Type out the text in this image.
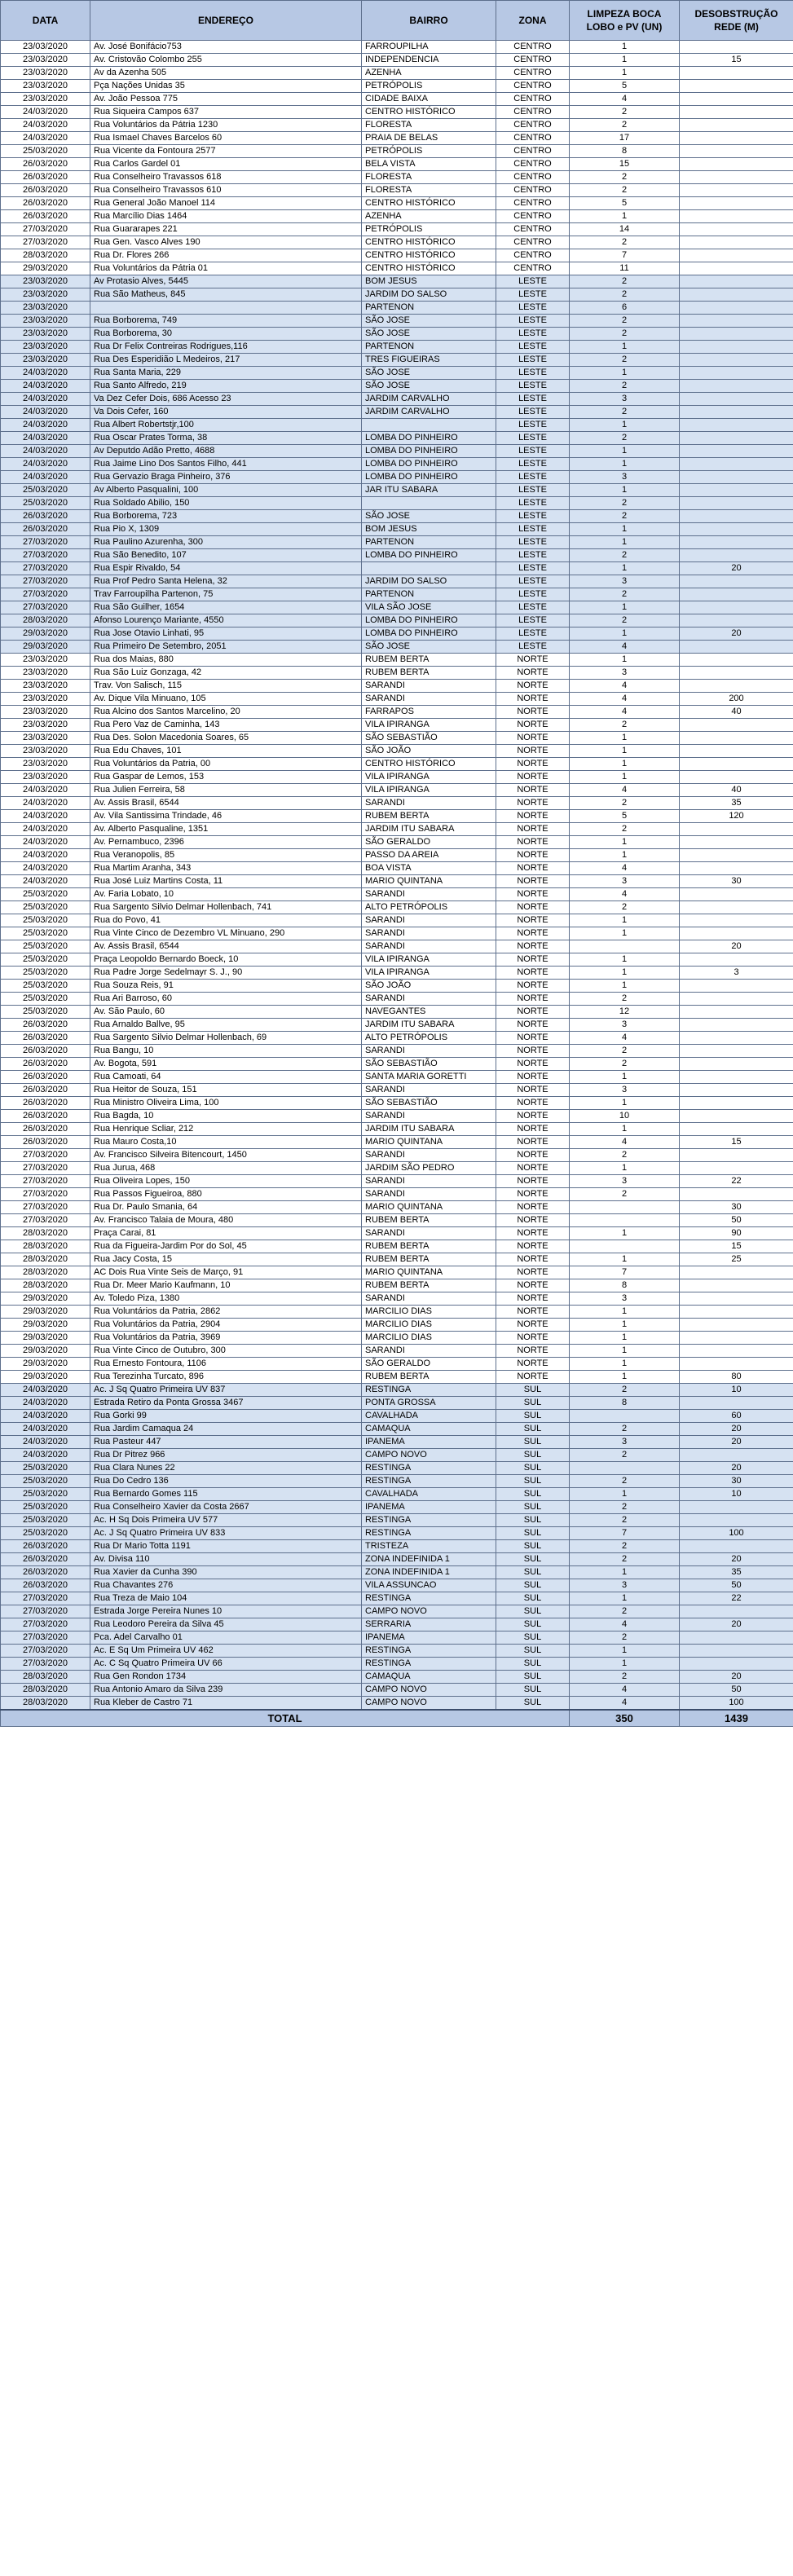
DATA	ENDEREÇO	BAIRRO	ZONA	LIMPEZA BOCA LOBO e PV (UN)	DESOBSTRUÇÃO REDE (M)
23/03/2020	Av. José Bonifácio753	FARROUPILHA	CENTRO	1	
23/03/2020	Av. Cristovão Colombo 255	INDEPENDENCIA	CENTRO	1	15
23/03/2020	Av da Azenha 505	AZENHA	CENTRO	1	
23/03/2020	Pça Nações Unidas 35	PETRÓPOLIS	CENTRO	5	
23/03/2020	Av. João Pessoa 775	CIDADE BAIXA	CENTRO	4	
24/03/2020	Rua Siqueira Campos 637	CENTRO HISTÓRICO	CENTRO	2	
24/03/2020	Rua Voluntários da Pátria 1230	FLORESTA	CENTRO	2	
24/03/2020	Rua Ismael Chaves Barcelos 60	PRAIA DE BELAS	CENTRO	17	
25/03/2020	Rua Vicente da Fontoura 2577	PETRÓPOLIS	CENTRO	8	
26/03/2020	Rua Carlos Gardel 01	BELA VISTA	CENTRO	15	
26/03/2020	Rua Conselheiro Travassos 618	FLORESTA	CENTRO	2	
26/03/2020	Rua Conselheiro Travassos 610	FLORESTA	CENTRO	2	
26/03/2020	Rua General João Manoel 114	CENTRO HISTÓRICO	CENTRO	5	
26/03/2020	Rua Marcílio Dias 1464	AZENHA	CENTRO	1	
27/03/2020	Rua Guararapes 221	PETRÓPOLIS	CENTRO	14	
27/03/2020	Rua Gen. Vasco Alves 190	CENTRO HISTÓRICO	CENTRO	2	
28/03/2020	Rua Dr. Flores 266	CENTRO HISTÓRICO	CENTRO	7	
29/03/2020	Rua Voluntários da Pátria 01	CENTRO HISTÓRICO	CENTRO	11	
23/03/2020	Av Protasio Alves, 5445	BOM JESUS	LESTE	2	
23/03/2020	Rua São Matheus, 845	JARDIM DO SALSO	LESTE	2	
23/03/2020		PARTENON	LESTE	6	
23/03/2020	Rua Borborema, 749	SÃO JOSE	LESTE	2	
23/03/2020	Rua Borborema, 30	SÃO JOSE	LESTE	2	
23/03/2020	Rua Dr Felix Contreiras Rodrigues,116	PARTENON	LESTE	1	
23/03/2020	Rua Des Esperidião L Medeiros, 217	TRES FIGUEIRAS	LESTE	2	
24/03/2020	Rua Santa Maria, 229	SÃO JOSE	LESTE	1	
24/03/2020	Rua Santo Alfredo, 219	SÃO JOSE	LESTE	2	
24/03/2020	Va Dez Cefer Dois, 686 Acesso 23	JARDIM CARVALHO	LESTE	3	
24/03/2020	Va Dois Cefer, 160	JARDIM CARVALHO	LESTE	2	
24/03/2020	Rua Albert Robertstjr,100		LESTE	1	
24/03/2020	Rua Oscar Prates Torma, 38	LOMBA DO PINHEIRO	LESTE	2	
24/03/2020	Av Deputdo Adão Pretto, 4688	LOMBA DO PINHEIRO	LESTE	1	
24/03/2020	Rua Jaime Lino Dos Santos Filho, 441	LOMBA DO PINHEIRO	LESTE	1	
24/03/2020	Rua Gervazio Braga Pinheiro, 376	LOMBA DO PINHEIRO	LESTE	3	
25/03/2020	Av Alberto Pasqualini, 100	JAR ITU SABARA	LESTE	1	
25/03/2020	Rua Soldado Abilio, 150		LESTE	2	
26/03/2020	Rua Borborema, 723	SÃO JOSE	LESTE	2	
26/03/2020	Rua Pio X, 1309	BOM JESUS	LESTE	1	
27/03/2020	Rua Paulino Azurenha, 300	PARTENON	LESTE	1	
27/03/2020	Rua São Benedito, 107	LOMBA DO PINHEIRO	LESTE	2	
27/03/2020	Rua Espir Rivaldo, 54		LESTE	1	20
27/03/2020	Rua Prof Pedro Santa Helena, 32	JARDIM DO SALSO	LESTE	3	
27/03/2020	Trav Farroupilha Partenon, 75	PARTENON	LESTE	2	
27/03/2020	Rua São Guilher, 1654	VILA SÃO JOSE	LESTE	1	
28/03/2020	Afonso Lourenço Mariante, 4550	LOMBA DO PINHEIRO	LESTE	2	
29/03/2020	Rua Jose Otavio Linhati, 95	LOMBA DO PINHEIRO	LESTE	1	20
29/03/2020	Rua Primeiro De Setembro, 2051	SÃO JOSE	LESTE	4	
23/03/2020	Rua dos Maias, 880	RUBEM BERTA	NORTE	1	
23/03/2020	Rua São Luiz Gonzaga, 42	RUBEM BERTA	NORTE	3	
23/03/2020	Trav. Von Salisch, 115	SARANDI	NORTE	4	
23/03/2020	Av. Dique Vila Minuano, 105	SARANDI	NORTE	4	200
23/03/2020	Rua Alcino dos Santos Marcelino, 20	FARRAPOS	NORTE	4	40
23/03/2020	Rua Pero Vaz de Caminha, 143	VILA IPIRANGA	NORTE	2	
23/03/2020	Rua Des. Solon Macedonia Soares, 65	SÃO SEBASTIÃO	NORTE	1	
23/03/2020	Rua Edu Chaves, 101	SÃO JOÃO	NORTE	1	
23/03/2020	Rua Voluntários da Patria, 00	CENTRO HISTÓRICO	NORTE	1	
23/03/2020	Rua Gaspar de Lemos, 153	VILA IPIRANGA	NORTE	1	
24/03/2020	Rua Julien Ferreira, 58	VILA IPIRANGA	NORTE	4	40
24/03/2020	Av. Assis Brasil, 6544	SARANDI	NORTE	2	35
24/03/2020	Av. Vila Santissima Trindade, 46	RUBEM BERTA	NORTE	5	120
24/03/2020	Av. Alberto Pasqualine, 1351	JARDIM ITU SABARA	NORTE	2	
24/03/2020	Av. Pernambuco, 2396	SÃO GERALDO	NORTE	1	
24/03/2020	Rua Veranopolis, 85	PASSO DA AREIA	NORTE	1	
24/03/2020	Rua Martim Aranha, 343	BOA VISTA	NORTE	4	
24/03/2020	Rua José Luiz Martins Costa, 11	MARIO QUINTANA	NORTE	3	30
25/03/2020	Av. Faria Lobato, 10	SARANDI	NORTE	4	
25/03/2020	Rua Sargento Silvio Delmar Hollenbach, 741	ALTO PETRÓPOLIS	NORTE	2	
25/03/2020	Rua do Povo, 41	SARANDI	NORTE	1	
25/03/2020	Rua Vinte Cinco de Dezembro VL Minuano, 290	SARANDI	NORTE	1	
25/03/2020	Av. Assis Brasil, 6544	SARANDI	NORTE		20
25/03/2020	Praça Leopoldo Bernardo Boeck, 10	VILA IPIRANGA	NORTE	1	
25/03/2020	Rua Padre Jorge Sedelmayr S. J., 90	VILA IPIRANGA	NORTE	1	3
25/03/2020	Rua Souza Reis, 91	SÃO JOÃO	NORTE	1	
25/03/2020	Rua Ari Barroso, 60	SARANDI	NORTE	2	
25/03/2020	Av. São Paulo, 60	NAVEGANTES	NORTE	12	
26/03/2020	Rua Arnaldo Ballve, 95	JARDIM ITU SABARA	NORTE	3	
26/03/2020	Rua Sargento Silvio Delmar Hollenbach, 69	ALTO PETRÓPOLIS	NORTE	4	
26/03/2020	Rua Bangu, 10	SARANDI	NORTE	2	
26/03/2020	Av. Bogota, 591	SÃO SEBASTIÃO	NORTE	2	
26/03/2020	Rua Camoati, 64	SANTA MARIA GORETTI	NORTE	1	
26/03/2020	Rua Heitor de Souza, 151	SARANDI	NORTE	3	
26/03/2020	Rua Ministro Oliveira Lima, 100	SÃO SEBASTIÃO	NORTE	1	
26/03/2020	Rua Bagda, 10	SARANDI	NORTE	10	
26/03/2020	Rua Henrique Scliar, 212	JARDIM ITU SABARA	NORTE	1	
26/03/2020	Rua Mauro Costa,10	MARIO QUINTANA	NORTE	4	15
27/03/2020	Av. Francisco Silveira Bitencourt, 1450	SARANDI	NORTE	2	
27/03/2020	Rua Jurua, 468	JARDIM SÃO PEDRO	NORTE	1	
27/03/2020	Rua Oliveira Lopes, 150	SARANDI	NORTE	3	22
27/03/2020	Rua Passos Figueiroa, 880	SARANDI	NORTE	2	
27/03/2020	Rua Dr. Paulo Smania, 64	MARIO QUINTANA	NORTE		30
27/03/2020	Av. Francisco Talaia de Moura, 480	RUBEM BERTA	NORTE		50
28/03/2020	Praça Carai, 81	SARANDI	NORTE	1	90
28/03/2020	Rua da Figueira-Jardim Por do Sol, 45	RUBEM BERTA	NORTE		15
28/03/2020	Rua Jacy Costa, 15	RUBEM BERTA	NORTE	1	25
28/03/2020	AC Dois Rua Vinte Seis de Março, 91	MARIO QUINTANA	NORTE	7	
28/03/2020	Rua Dr. Meer Mario Kaufmann, 10	RUBEM BERTA	NORTE	8	
29/03/2020	Av. Toledo Piza, 1380	SARANDI	NORTE	3	
29/03/2020	Rua Voluntários da Patria, 2862	MARCILIO DIAS	NORTE	1	
29/03/2020	Rua Voluntários da Patria, 2904	MARCILIO DIAS	NORTE	1	
29/03/2020	Rua Voluntários da Patria, 3969	MARCILIO DIAS	NORTE	1	
29/03/2020	Rua Vinte Cinco de Outubro, 300	SARANDI	NORTE	1	
29/03/2020	Rua Ernesto Fontoura, 1106	SÃO GERALDO	NORTE	1	
29/03/2020	Rua Terezinha Turcato, 896	RUBEM BERTA	NORTE	1	80
24/03/2020	Ac. J Sq Quatro Primeira UV 837	RESTINGA	SUL	2	10
24/03/2020	Estrada Retiro da Ponta Grossa 3467	PONTA GROSSA	SUL	8	
24/03/2020	Rua Gorki 99	CAVALHADA	SUL		60
24/03/2020	Rua Jardim Camaqua 24	CAMAQUA	SUL	2	20
24/03/2020	Rua Pasteur 447	IPANEMA	SUL	3	20
24/03/2020	Rua Dr Pitrez 966	CAMPO NOVO	SUL	2	
25/03/2020	Rua Clara Nunes 22	RESTINGA	SUL		20
25/03/2020	Rua Do Cedro 136	RESTINGA	SUL	2	30
25/03/2020	Rua Bernardo Gomes 115	CAVALHADA	SUL	1	10
25/03/2020	Rua Conselheiro Xavier da Costa 2667	IPANEMA	SUL	2	
25/03/2020	Ac. H Sq Dois Primeira UV 577	RESTINGA	SUL	2	
25/03/2020	Ac. J Sq Quatro Primeira UV 833	RESTINGA	SUL	7	100
26/03/2020	Rua Dr Mario Totta 1191	TRISTEZA	SUL	2	
26/03/2020	Av. Divisa 110	ZONA INDEFINIDA 1	SUL	2	20
26/03/2020	Rua Xavier da Cunha 390	ZONA INDEFINIDA 1	SUL	1	35
26/03/2020	Rua Chavantes 276	VILA ASSUNCAO	SUL	3	50
27/03/2020	Rua Treza de Maio 104	RESTINGA	SUL	1	22
27/03/2020	Estrada Jorge Pereira Nunes 10	CAMPO NOVO	SUL	2	
27/03/2020	Rua Leodoro Pereira da Silva 45	SERRARIA	SUL	4	20
27/03/2020	Pca. Adel Carvalho 01	IPANEMA	SUL	2	
27/03/2020	Ac. E Sq Um Primeira UV 462	RESTINGA	SUL	1	
27/03/2020	Ac. C Sq Quatro Primeira UV 66	RESTINGA	SUL	1	
28/03/2020	Rua Gen Rondon 1734	CAMAQUA	SUL	2	20
28/03/2020	Rua Antonio Amaro da Silva 239	CAMPO NOVO	SUL	4	50
28/03/2020	Rua Kleber de Castro 71	CAMPO NOVO	SUL	4	100
TOTAL				350	1439
